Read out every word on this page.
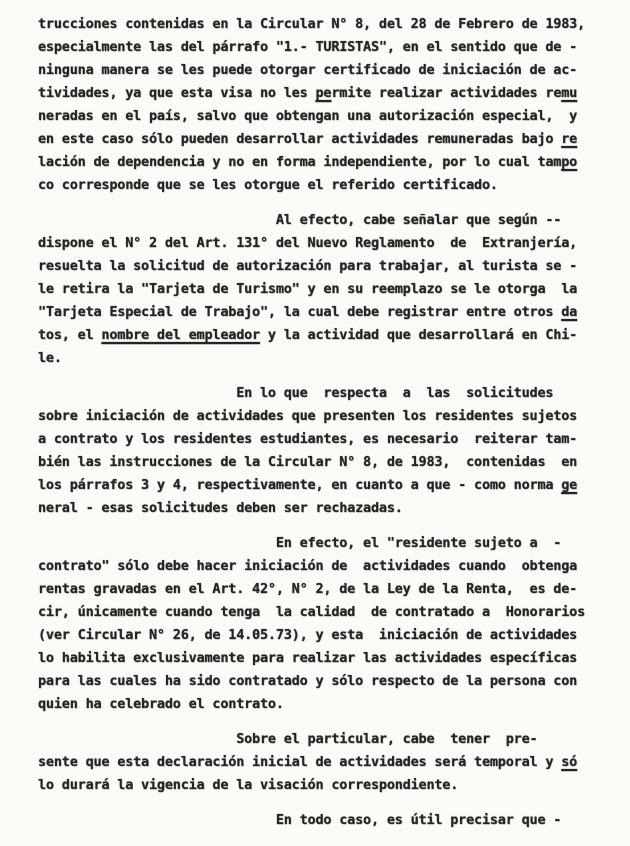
trucciones contenidas en la Circular N° 8, del 28 de Febrero de 1983,
especialmente las del párrafo "1.- TURISTAS", en el sentido que de -
ninguna manera se les puede otorgar certificado de iniciación de ac-
tividades, ya que esta visa no les permite realizar actividades remu
neradas en el país, salvo que obtengan una autorización especial,  y
en este caso sólo pueden desarrollar actividades remuneradas bajo re
lación de dependencia y no en forma independiente, por lo cual tampo
co corresponde que se les otorgue el referido certificado.
Al efecto, cabe señalar que según --
dispone el N° 2 del Art. 131° del Nuevo Reglamento  de  Extranjería,
resuelta la solicitud de autorización para trabajar, al turista se -
le retira la "Tarjeta de Turismo" y en su reemplazo se le otorga  la
"Tarjeta Especial de Trabajo", la cual debe registrar entre otros da
tos, el nombre del empleador y la actividad que desarrollará en Chi-
le.
En lo que  respecta  a  las  solicitudes
sobre iniciación de actividades que presenten los residentes sujetos
a contrato y los residentes estudiantes, es necesario  reiterar tam-
bién las instrucciones de la Circular N° 8, de 1983,  contenidas  en
los párrafos 3 y 4, respectivamente, en cuanto a que - como norma ge
neral - esas solicitudes deben ser rechazadas.
En efecto, el "residente sujeto a  -
contrato" sólo debe hacer iniciación de  actividades cuando  obtenga
rentas gravadas en el Art. 42°, N° 2, de la Ley de la Renta,  es de-
cir, únicamente cuando tenga  la calidad  de contratado a  Honorarios
(ver Circular N° 26, de 14.05.73), y esta  iniciación de actividades
lo habilita exclusivamente para realizar las actividades específicas
para las cuales ha sido contratado y sólo respecto de la persona con
quien ha celebrado el contrato.
Sobre el particular, cabe  tener  pre-
sente que esta declaración inicial de actividades será temporal y só
lo durará la vigencia de la visación correspondiente.
En todo caso, es útil precisar que -
